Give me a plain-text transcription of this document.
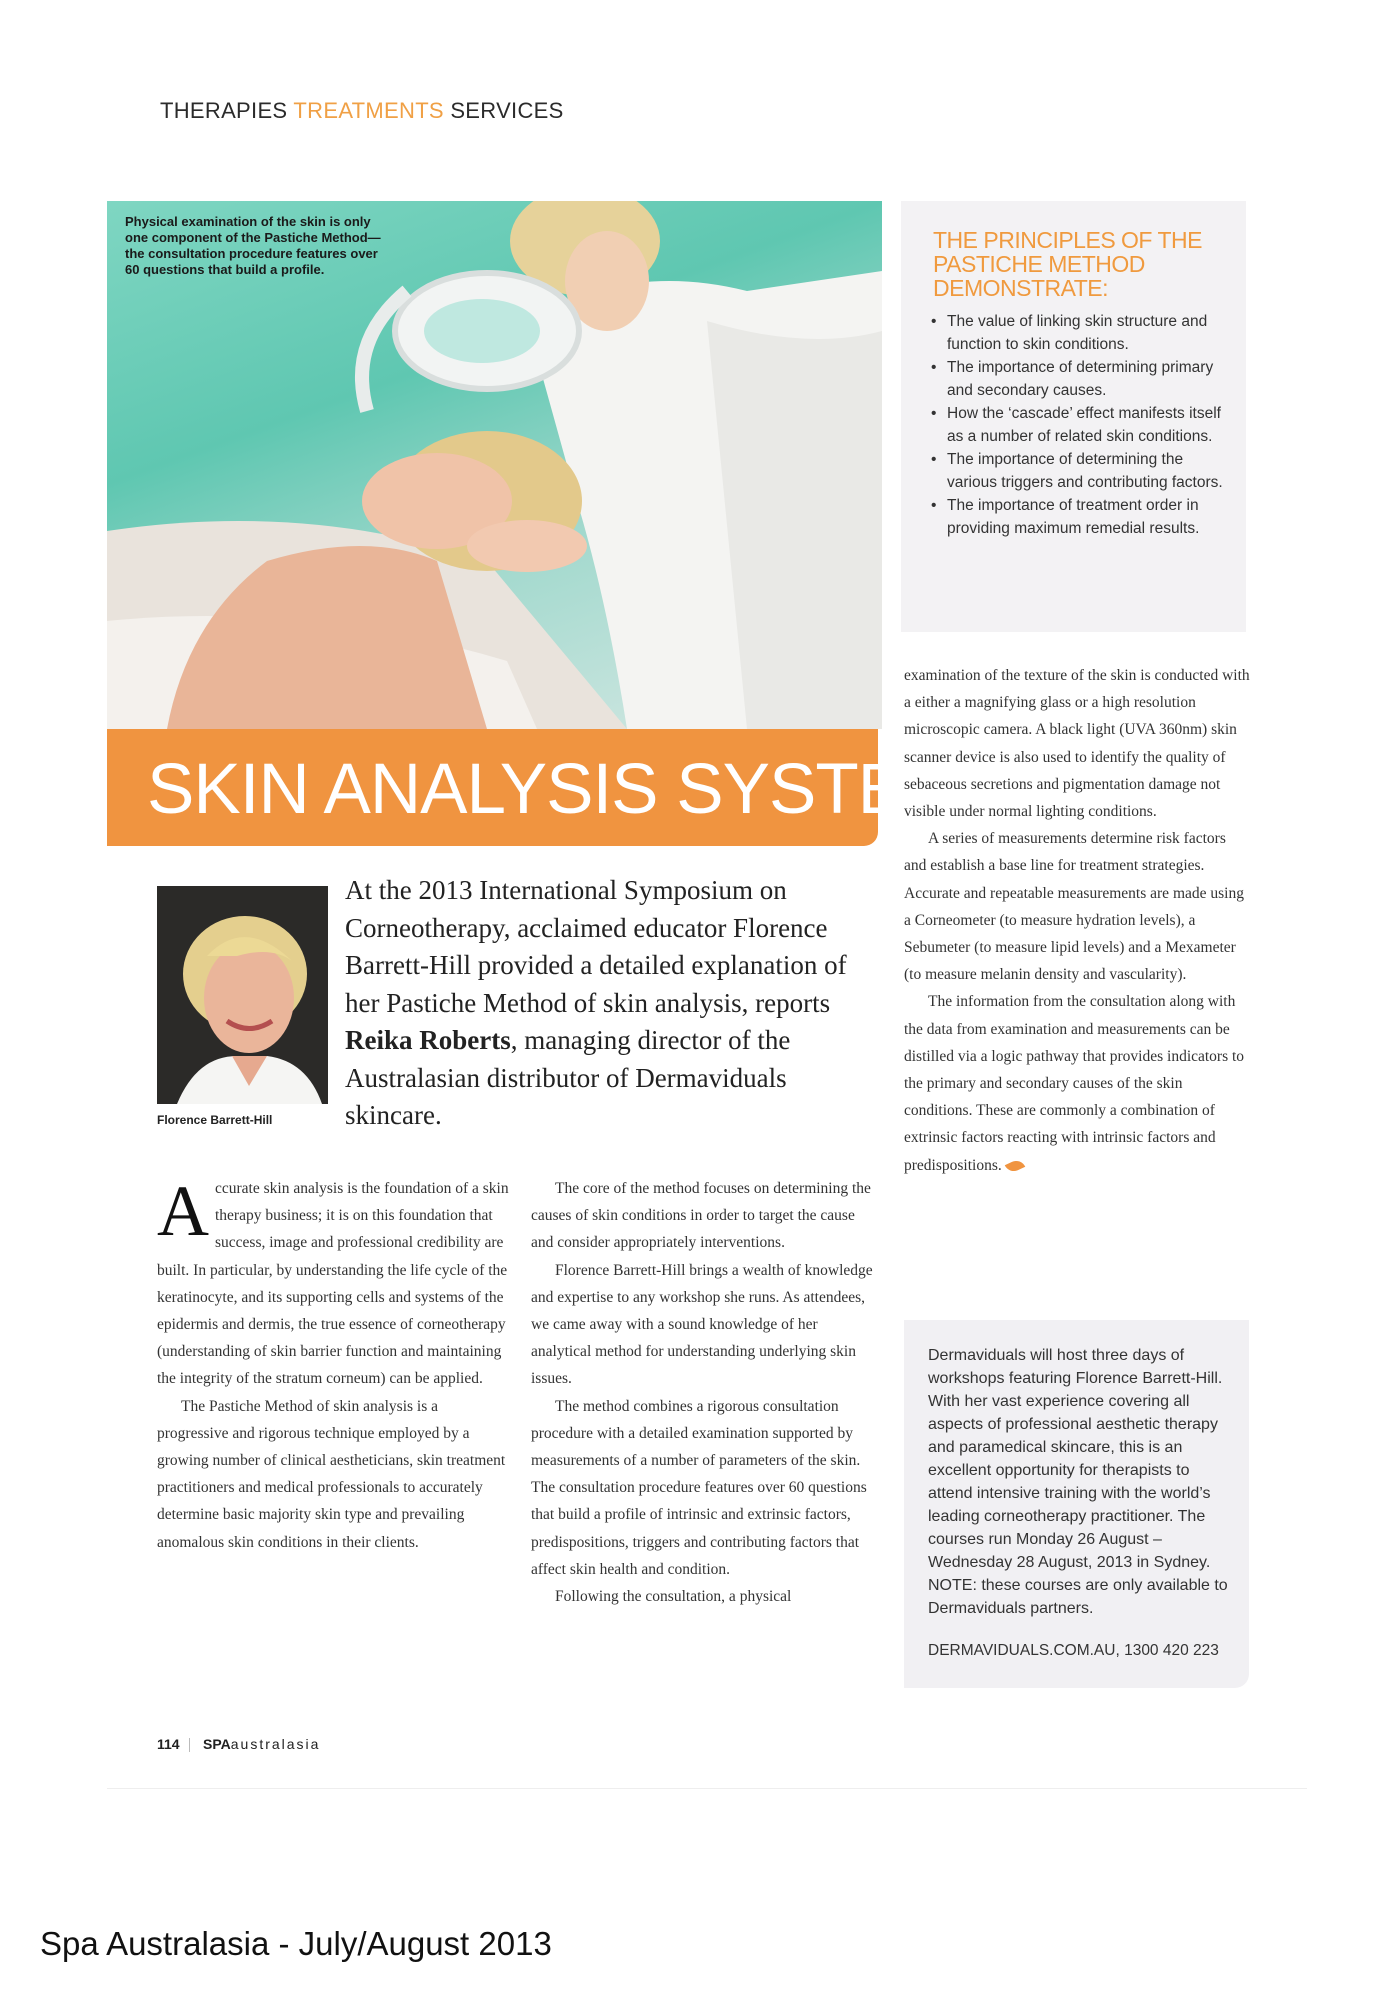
THERAPIES TREATMENTS SERVICES
Physical examination of the skin is only one component of the Pastiche Method—the consultation procedure features over 60 questions that build a profile.
SKIN ANALYSIS SYSTEM
THE PRINCIPLES OF THE PASTICHE METHOD DEMONSTRATE:
• The value of linking skin structure and function to skin conditions.
• The importance of determining primary and secondary causes.
• How the ‘cascade’ effect manifests itself as a number of related skin conditions.
• The importance of determining the various triggers and contributing factors.
• The importance of treatment order in providing maximum remedial results.
Florence Barrett-Hill
At the 2013 International Symposium on Corneotherapy, acclaimed educator Florence Barrett-Hill provided a detailed explanation of her Pastiche Method of skin analysis, reports Reika Roberts, managing director of the Australasian distributor of Dermaviduals skincare.

Accurate skin analysis is the foundation of a skin therapy business; it is on this foundation that success, image and professional credibility are built. In particular, by understanding the life cycle of the keratinocyte, and its supporting cells and systems of the epidermis and dermis, the true essence of corneotherapy (understanding of skin barrier function and maintaining the integrity of the stratum corneum) can be applied.

The Pastiche Method of skin analysis is a progressive and rigorous technique employed by a growing number of clinical aestheticians, skin treatment practitioners and medical professionals to accurately determine basic majority skin type and prevailing anomalous skin conditions in their clients.

The core of the method focuses on determining the causes of skin conditions in order to target the cause and consider appropriately interventions.

Florence Barrett-Hill brings a wealth of knowledge and expertise to any workshop she runs. As attendees, we came away with a sound knowledge of her analytical method for understanding underlying skin issues.

The method combines a rigorous consultation procedure with a detailed examination supported by measurements of a number of parameters of the skin. The consultation procedure features over 60 questions that build a profile of intrinsic and extrinsic factors, predispositions, triggers and contributing factors that affect skin health and condition.

Following the consultation, a physical

examination of the texture of the skin is conducted with a either a magnifying glass or a high resolution microscopic camera. A black light (UVA 360nm) skin scanner device is also used to identify the quality of sebaceous secretions and pigmentation damage not visible under normal lighting conditions.

A series of measurements determine risk factors and establish a base line for treatment strategies. Accurate and repeatable measurements are made using a Corneometer (to measure hydration levels), a Sebumeter (to measure lipid levels) and a Mexameter (to measure melanin density and vascularity).

The information from the consultation along with the data from examination and measurements can be distilled via a logic pathway that provides indicators to the primary and secondary causes of the skin conditions. These are commonly a combination of extrinsic factors reacting with intrinsic factors and predispositions.

Dermaviduals will host three days of workshops featuring Florence Barrett-Hill. With her vast experience covering all aspects of professional aesthetic therapy and paramedical skincare, this is an excellent opportunity for therapists to attend intensive training with the world’s leading corneotherapy practitioner. The courses run Monday 26 August – Wednesday 28 August, 2013 in Sydney. NOTE: these courses are only available to Dermaviduals partners.
DERMAVIDUALS.COM.AU, 1300 420 223
114 SPAaustralasia
Spa Australasia - July/August 2013
